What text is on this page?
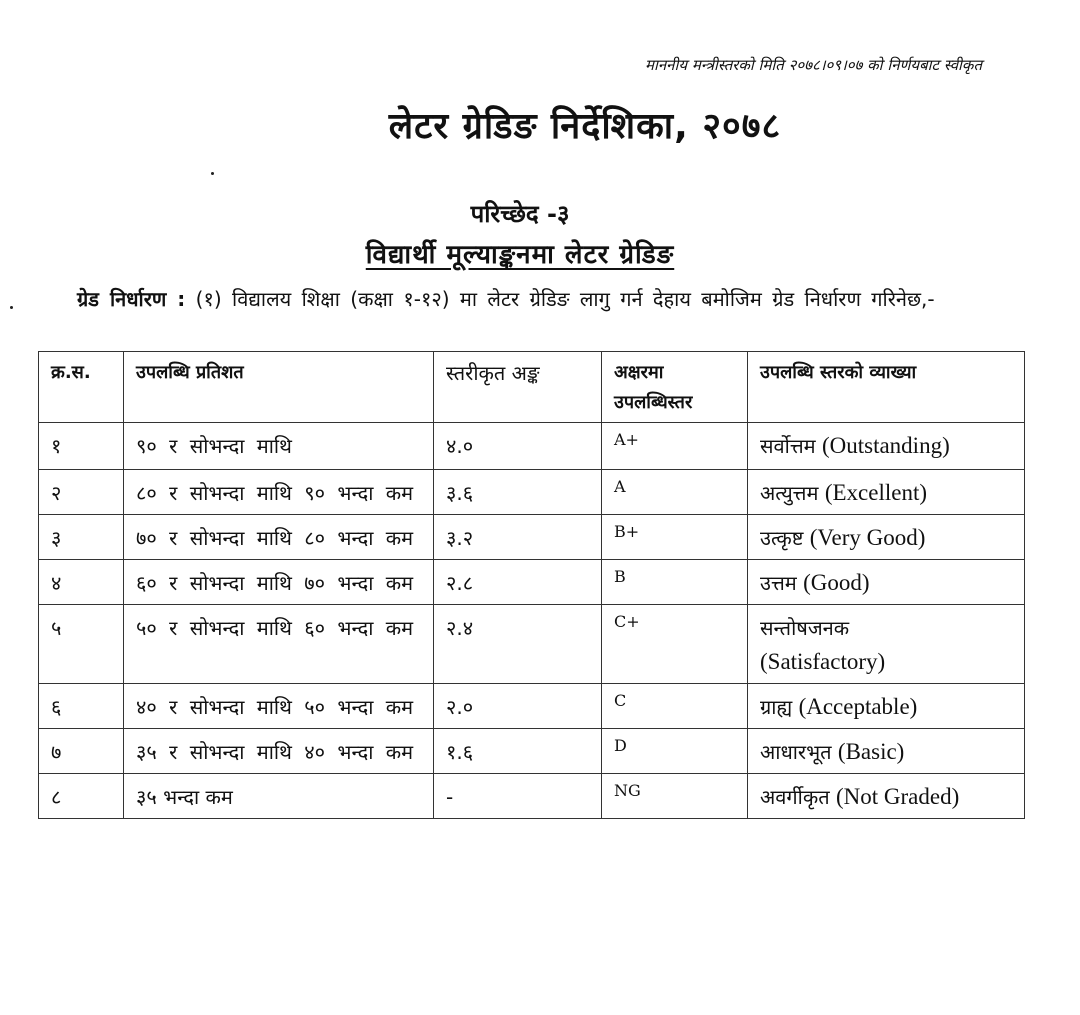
माननीय मन्त्रीस्तरको मिति २०७८।०९।०७ को निर्णयबाट स्वीकृत
लेटर ग्रेडिङ निर्देशिका, २०७८
परिच्छेद -३
विद्यार्थी मूल्याङ्कनमा लेटर ग्रेडिङ
ग्रेड निर्धारण : (१) विद्यालय शिक्षा (कक्षा १-१२) मा लेटर ग्रेडिङ लागु गर्न देहाय बमोजिम ग्रेड निर्धारण गरिनेछ,-
क्र.स.	उपलब्धि प्रतिशत	स्तरीकृत अङ्क	अक्षरमा उपलब्धिस्तर	उपलब्धि स्तरको व्याख्या
१	९० र सोभन्दा माथि	४.०	A+	सर्वोत्तम (Outstanding)
२	८० र सोभन्दा माथि ९० भन्दा कम	३.६	A	अत्युत्तम (Excellent)
३	७० र सोभन्दा माथि ८० भन्दा कम	३.२	B+	उत्कृष्ट (Very Good)
४	६० र सोभन्दा माथि ७० भन्दा कम	२.८	B	उत्तम (Good)
५	५० र सोभन्दा माथि ६० भन्दा कम	२.४	C+	सन्तोषजनक
(Satisfactory)
६	४० र सोभन्दा माथि ५० भन्दा कम	२.०	C	ग्राह्य (Acceptable)
७	३५ र सोभन्दा माथि ४० भन्दा कम	१.६	D	आधारभूत (Basic)
८	३५ भन्दा कम	-	NG	अवर्गीकृत (Not Graded)
